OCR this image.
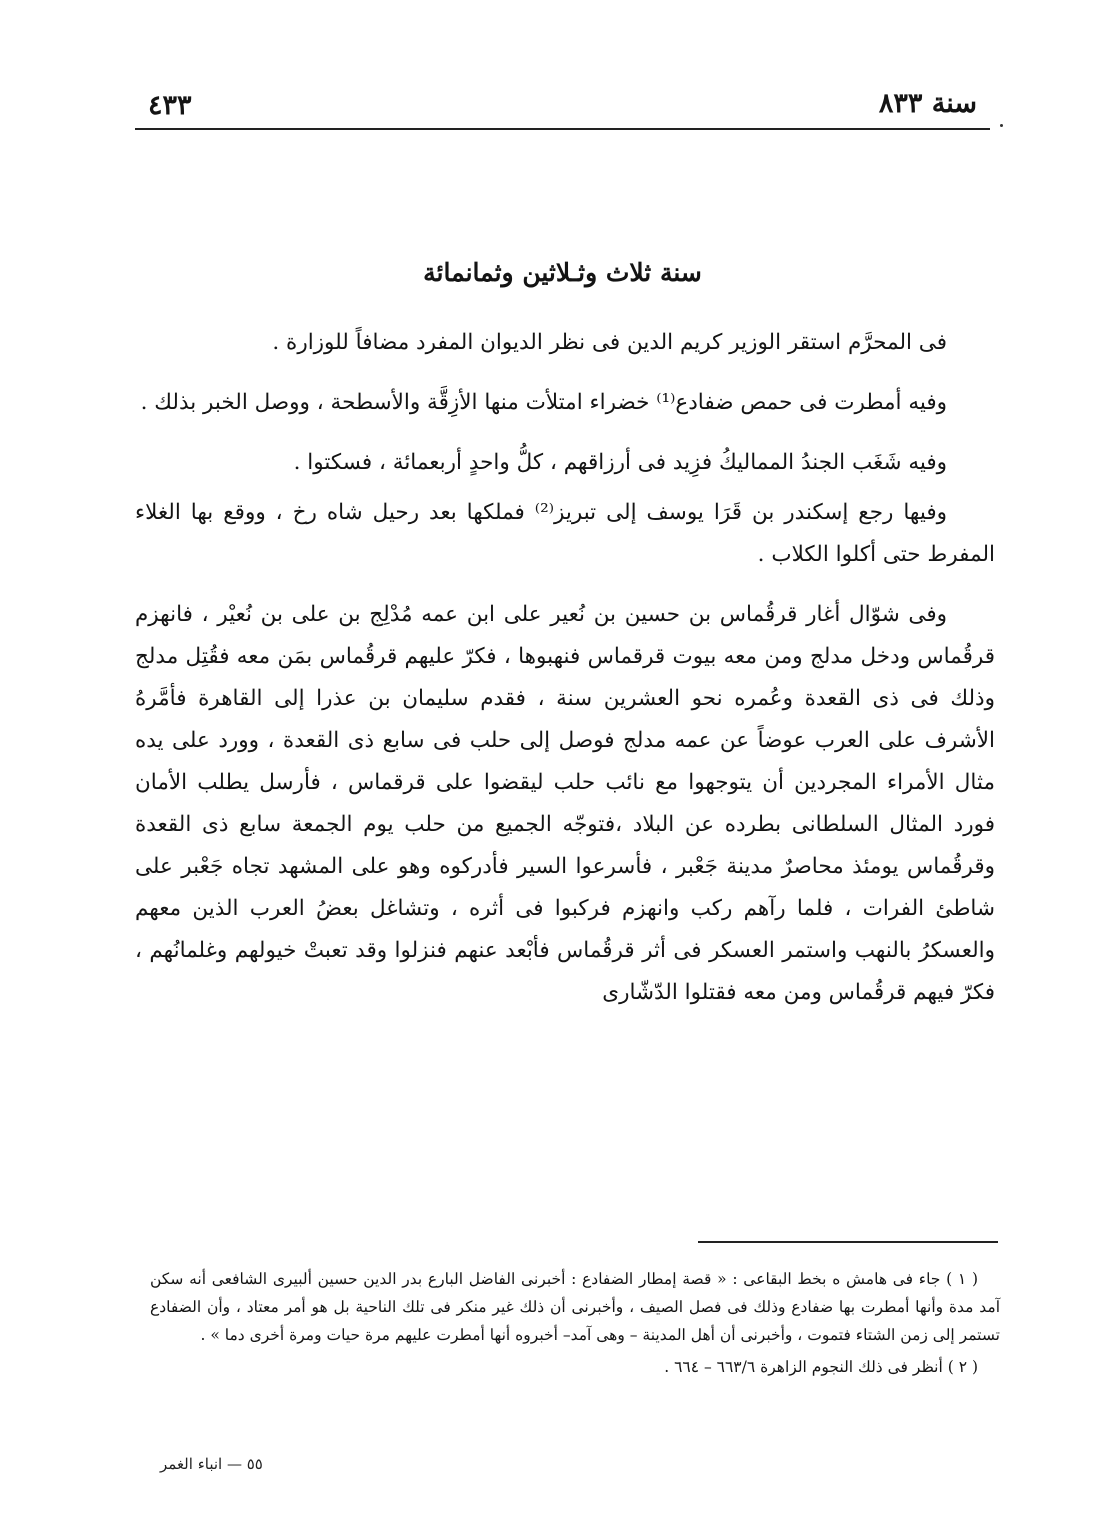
سنة ٨٣٣
٤٣٣
سنة ثلاث وثـلاثين وثمانمائة

فى المحرَّم استقر الوزير كريم الدين فى نظر الديوان المفرد مضافاً للوزارة .

وفيه أمطرت فى حمص ضفادع⁽¹⁾ خضراء امتلأت منها الأزِقَّة والأسطحة ، ووصل الخبر بذلك .

وفيه شَغَب الجندُ المماليكُ فزِيد فى أرزاقهم ، كلُّ واحدٍ أربعمائة ، فسكتوا .

وفيها رجع إسكندر بن قَرَا يوسف إلى تبريز⁽²⁾ فملكها بعد رحيل شاه رخ ، ووقع بها الغلاء المفرط حتى أكلوا الكلاب .

وفى شوّال أغار قرقُماس بن حسين بن نُعير على ابن عمه مُدْلِج بن على بن نُعيْر ، فانهزم قرقُماس ودخل مدلج ومن معه بيوت قرقماس فنهبوها ، فكرّ عليهم قرقُماس بمَن معه فقُتِل مدلج وذلك فى ذى القعدة وعُمره نحو العشرين سنة ، فقدم سليمان بن عذرا إلى القاهرة فأمَّرهُ الأشرف على العرب عوضاً عن عمه مدلج فوصل إلى حلب فى سابع ذى القعدة ، وورد على يده مثال الأمراء المجردين أن يتوجهوا مع نائب حلب ليقضوا على قرقماس ، فأرسل يطلب الأمان فورد المثال السلطانى بطرده عن البلاد ،فتوجّه الجميع من حلب يوم الجمعة سابع ذى القعدة وقرقُماس يومئذ محاصرٌ مدينة جَعْبر ، فأسرعوا السير فأدركوه وهو على المشهد تجاه جَعْبر على شاطئ الفرات ، فلما رآهم ركب وانهزم فركبوا فى أثره ، وتشاغل بعضُ العرب الذين معهم والعسكرُ بالنهب واستمر العسكر فى أثر قرقُماس فأبْعد عنهم فنزلوا وقد تعبتْ خيولهم وغلمانُهم ، فكرّ فيهم قرقُماس ومن معه فقتلوا الدّشّارى

( ١ ) جاء فى هامش ه بخط البقاعى : « قصة إمطار الضفادع : أخبرنى الفاضل البارع بدر الدين حسين ألبيرى الشافعى أنه سكن آمد مدة وأنها أمطرت بها ضفادع وذلك فى فصل الصيف ، وأخبرنى أن ذلك غير منكر فى تلك الناحية بل هو أمر معتاد ، وأن الضفادع تستمر إلى زمن الشتاء فتموت ، وأخبرنى أن أهل المدينة – وهى آمد– أخبروه أنها أمطرت عليهم مرة حيات ومرة أخرى دما » .

( ٢ ) أنظر فى ذلك النجوم الزاهرة ٦٦٣/٦ – ٦٦٤ .

٥٥ — انباء الغمر
